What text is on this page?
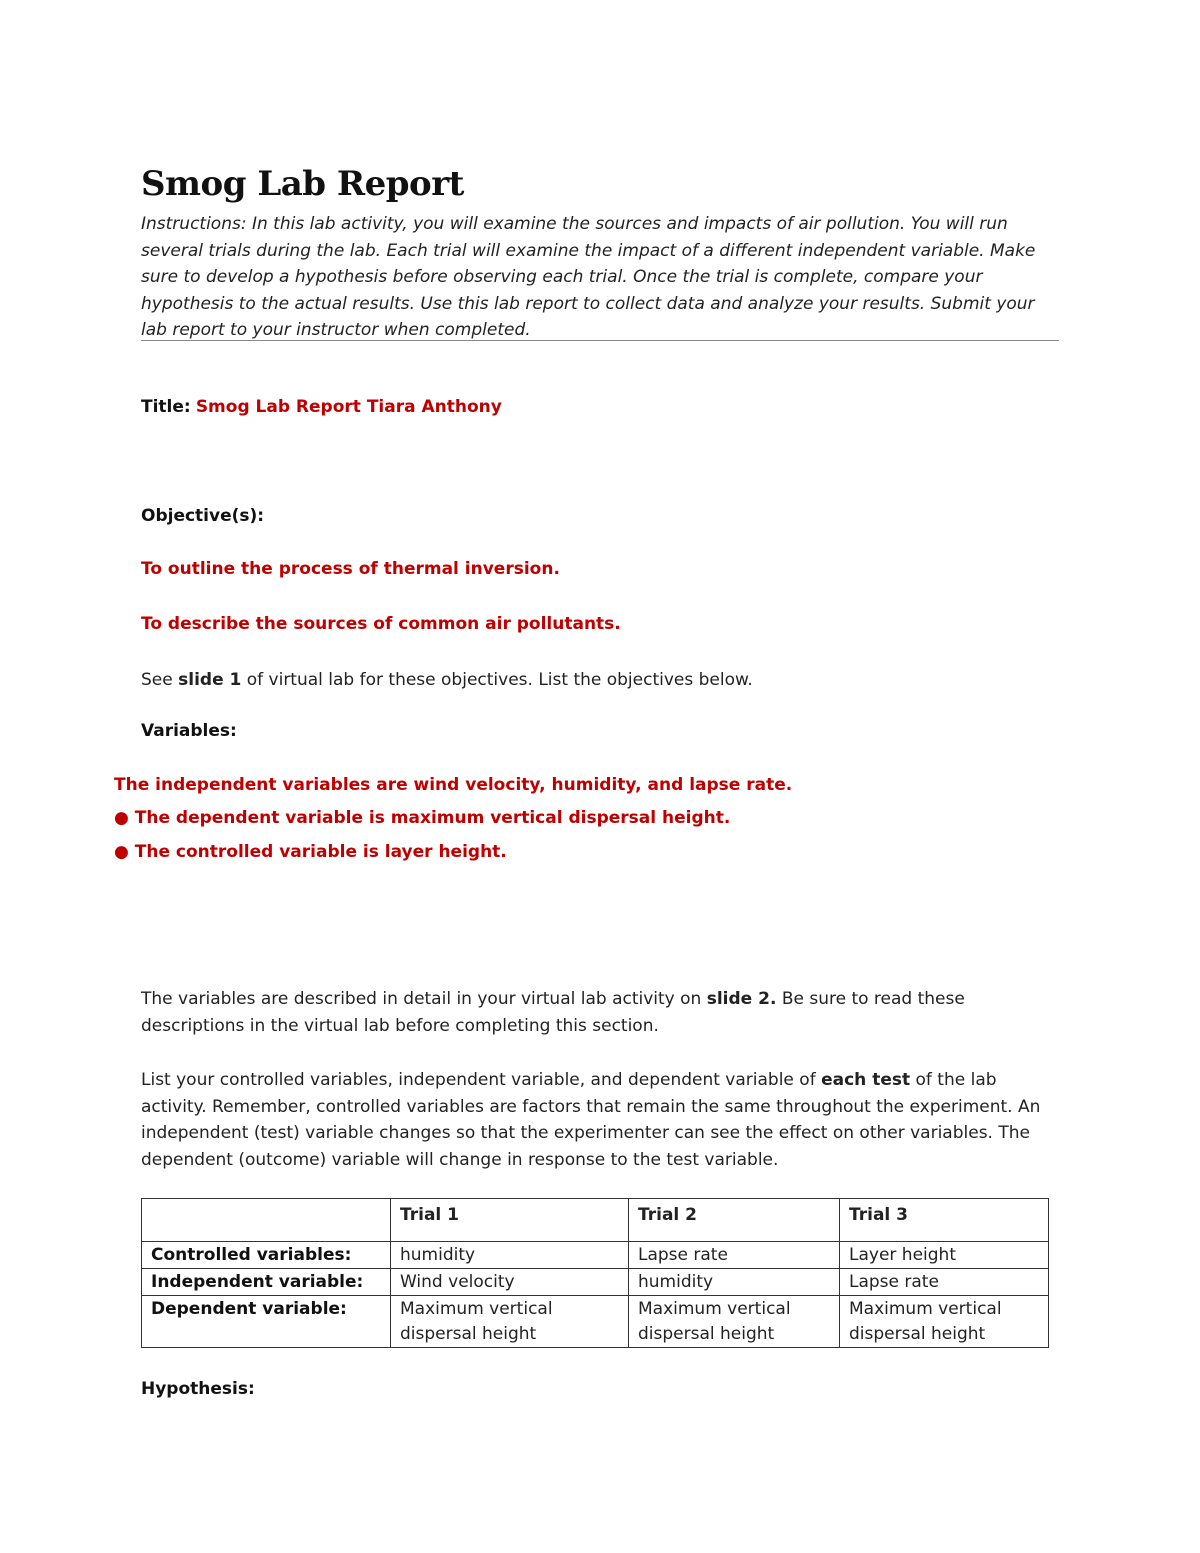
Smog Lab Report

Instructions: In this lab activity, you will examine the sources and impacts of air pollution. You will run several trials during the lab. Each trial will examine the impact of a different independent variable. Make sure to develop a hypothesis before observing each trial. Once the trial is complete, compare your hypothesis to the actual results. Use this lab report to collect data and analyze your results. Submit your lab report to your instructor when completed.

Title: Smog Lab Report Tiara Anthony

Objective(s):

To outline the process of thermal inversion.

To describe the sources of common air pollutants.

See slide 1 of virtual lab for these objectives. List the objectives below.

Variables:

The independent variables are wind velocity, humidity, and lapse rate.

● The dependent variable is maximum vertical dispersal height.

● The controlled variable is layer height.

The variables are described in detail in your virtual lab activity on slide 2. Be sure to read these descriptions in the virtual lab before completing this section.

List your controlled variables, independent variable, and dependent variable of each test of the lab activity. Remember, controlled variables are factors that remain the same throughout the experiment. An independent (test) variable changes so that the experimenter can see the effect on other variables. The dependent (outcome) variable will change in response to the test variable.

	Trial 1	Trial 2	Trial 3
Controlled variables:	humidity	Lapse rate	Layer height
Independent variable:	Wind velocity	humidity	Lapse rate
Dependent variable:	Maximum vertical dispersal height	Maximum vertical dispersal height	Maximum vertical dispersal height

Hypothesis:
